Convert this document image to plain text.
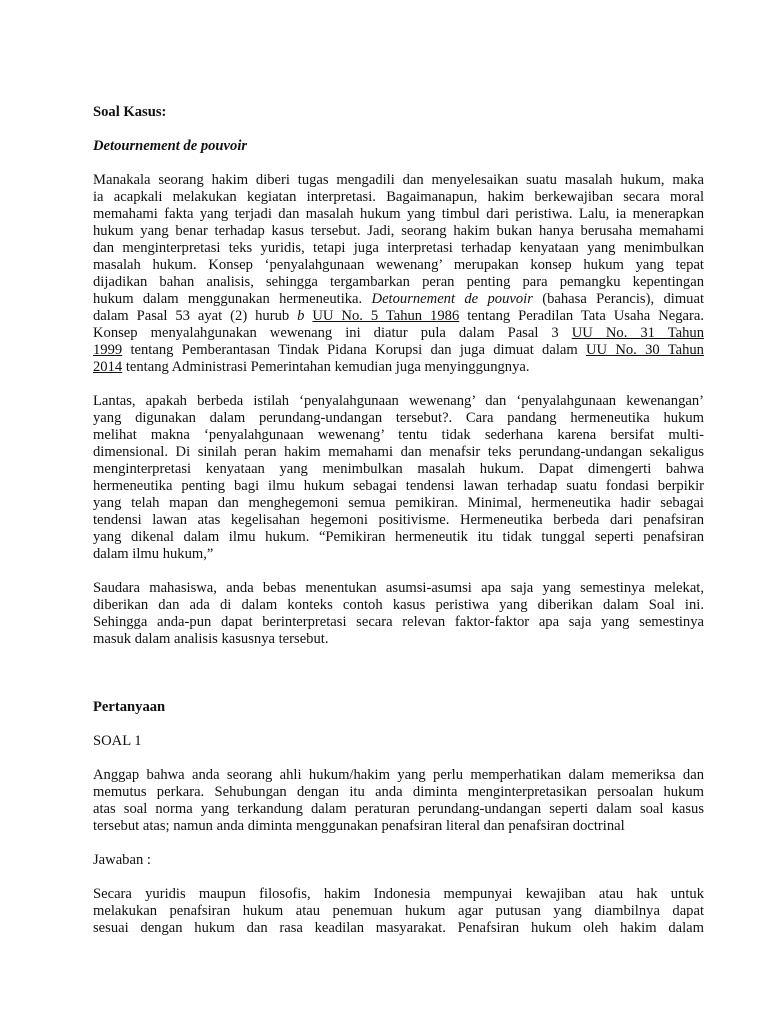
Soal Kasus:
Detournement de pouvoir
Manakala seorang hakim diberi tugas mengadili dan menyelesaikan suatu masalah hukum, maka
ia acapkali melakukan kegiatan interpretasi. Bagaimanapun, hakim berkewajiban secara moral
memahami fakta yang terjadi dan masalah hukum yang timbul dari peristiwa. Lalu, ia menerapkan
hukum yang benar terhadap kasus tersebut. Jadi, seorang hakim bukan hanya berusaha memahami
dan menginterpretasi teks yuridis, tetapi juga interpretasi terhadap kenyataan yang menimbulkan
masalah hukum. Konsep ‘penyalahgunaan wewenang’ merupakan konsep hukum yang tepat
dijadikan bahan analisis, sehingga tergambarkan peran penting para pemangku kepentingan
hukum dalam menggunakan hermeneutika. Detournement de pouvoir (bahasa Perancis), dimuat
dalam Pasal 53 ayat (2) hurub b UU No. 5 Tahun 1986 tentang Peradilan Tata Usaha Negara.
Konsep menyalahgunakan wewenang ini diatur pula dalam Pasal 3 UU No. 31 Tahun
1999 tentang Pemberantasan Tindak Pidana Korupsi dan juga dimuat dalam UU No. 30 Tahun
2014 tentang Administrasi Pemerintahan kemudian juga menyinggungnya.
Lantas, apakah berbeda istilah ‘penyalahgunaan wewenang’ dan ‘penyalahgunaan kewenangan’
yang digunakan dalam perundang-undangan tersebut?. Cara pandang hermeneutika hukum
melihat makna ‘penyalahgunaan wewenang’ tentu tidak sederhana karena bersifat multi-
dimensional. Di sinilah peran hakim memahami dan menafsir teks perundang-undangan sekaligus
menginterpretasi kenyataan yang menimbulkan masalah hukum. Dapat dimengerti bahwa
hermeneutika penting bagi ilmu hukum sebagai tendensi lawan terhadap suatu fondasi berpikir
yang telah mapan dan menghegemoni semua pemikiran. Minimal, hermeneutika hadir sebagai
tendensi lawan atas kegelisahan hegemoni positivisme. Hermeneutika berbeda dari penafsiran
yang dikenal dalam ilmu hukum. “Pemikiran hermeneutik itu tidak tunggal seperti penafsiran
dalam ilmu hukum,”
Saudara mahasiswa, anda bebas menentukan asumsi-asumsi apa saja yang semestinya melekat,
diberikan dan ada di dalam konteks contoh kasus peristiwa yang diberikan dalam Soal ini.
Sehingga anda-pun dapat berinterpretasi secara relevan faktor-faktor apa saja yang semestinya
masuk dalam analisis kasusnya tersebut.
Pertanyaan
SOAL 1
Anggap bahwa anda seorang ahli hukum/hakim yang perlu memperhatikan dalam memeriksa dan
memutus perkara. Sehubungan dengan itu anda diminta menginterpretasikan persoalan hukum
atas soal norma yang terkandung dalam peraturan perundang-undangan seperti dalam soal kasus
tersebut atas; namun anda diminta menggunakan penafsiran literal dan penafsiran doctrinal
Jawaban :
Secara yuridis maupun filosofis, hakim Indonesia mempunyai kewajiban atau hak untuk
melakukan penafsiran hukum atau penemuan hukum agar putusan yang diambilnya dapat
sesuai dengan hukum dan rasa keadilan masyarakat. Penafsiran hukum oleh hakim dalam
